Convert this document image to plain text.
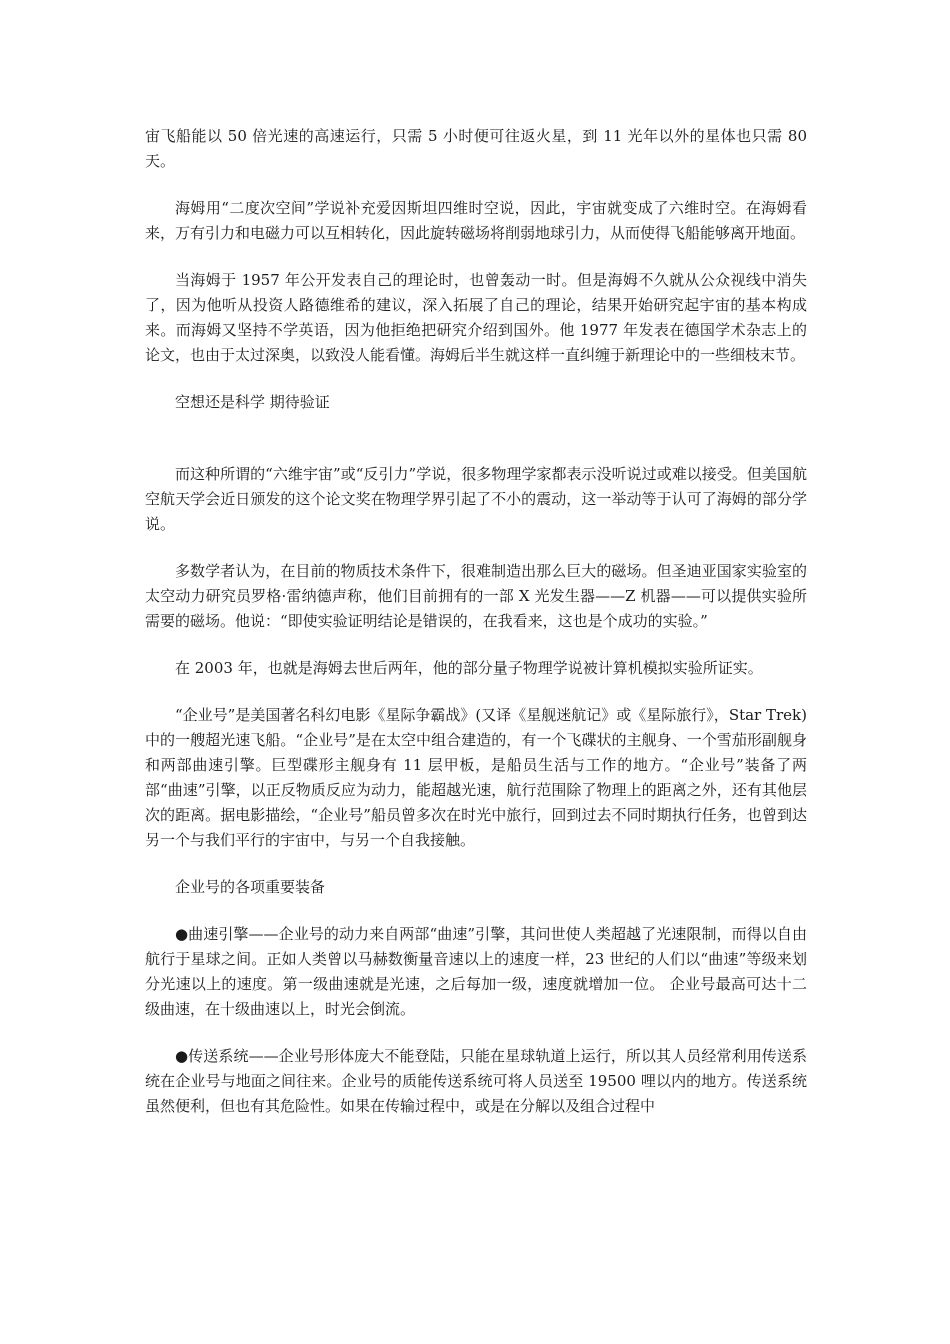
宙飞船能以 50 倍光速的高速运行，只需 5 小时便可往返火星，到 11 光年以外的星体也只需 80 天。

海姆用“二度次空间”学说补充爱因斯坦四维时空说，因此，宇宙就变成了六维时空。在海姆看来，万有引力和电磁力可以互相转化，因此旋转磁场将削弱地球引力，从而使得飞船能够离开地面。

当海姆于 1957 年公开发表自己的理论时，也曾轰动一时。但是海姆不久就从公众视线中消失了，因为他听从投资人路德维希的建议，深入拓展了自己的理论，结果开始研究起宇宙的基本构成来。而海姆又坚持不学英语，因为他拒绝把研究介绍到国外。他 1977 年发表在德国学术杂志上的论文，也由于太过深奥，以致没人能看懂。海姆后半生就这样一直纠缠于新理论中的一些细枝末节。

空想还是科学 期待验证

而这种所谓的“六维宇宙”或“反引力”学说，很多物理学家都表示没听说过或难以接受。但美国航空航天学会近日颁发的这个论文奖在物理学界引起了不小的震动，这一举动等于认可了海姆的部分学说。

多数学者认为，在目前的物质技术条件下，很难制造出那么巨大的磁场。但圣迪亚国家实验室的太空动力研究员罗格·雷纳德声称，他们目前拥有的一部 X 光发生器——Z 机器——可以提供实验所需要的磁场。他说：“即使实验证明结论是错误的，在我看来，这也是个成功的实验。”

在 2003 年，也就是海姆去世后两年，他的部分量子物理学说被计算机模拟实验所证实。

“企业号”是美国著名科幻电影《星际争霸战》(又译《星舰迷航记》或《星际旅行》，Star Trek)中的一艘超光速飞船。“企业号”是在太空中组合建造的，有一个飞碟状的主舰身、一个雪茄形副舰身和两部曲速引擎。巨型碟形主舰身有 11 层甲板，是船员生活与工作的地方。“企业号”装备了两部“曲速”引擎，以正反物质反应为动力，能超越光速，航行范围除了物理上的距离之外，还有其他层次的距离。据电影描绘，“企业号”船员曾多次在时光中旅行，回到过去不同时期执行任务，也曾到达另一个与我们平行的宇宙中，与另一个自我接触。

企业号的各项重要装备

●曲速引擎——企业号的动力来自两部“曲速”引擎，其问世使人类超越了光速限制，而得以自由航行于星球之间。正如人类曾以马赫数衡量音速以上的速度一样，23 世纪的人们以“曲速”等级来划分光速以上的速度。第一级曲速就是光速，之后每加一级，速度就增加一位。 企业号最高可达十二级曲速，在十级曲速以上，时光会倒流。

●传送系统——企业号形体庞大不能登陆，只能在星球轨道上运行，所以其人员经常利用传送系统在企业号与地面之间往来。企业号的质能传送系统可将人员送至 19500 哩以内的地方。传送系统虽然便利，但也有其危险性。如果在传输过程中，或是在分解以及组合过程中
